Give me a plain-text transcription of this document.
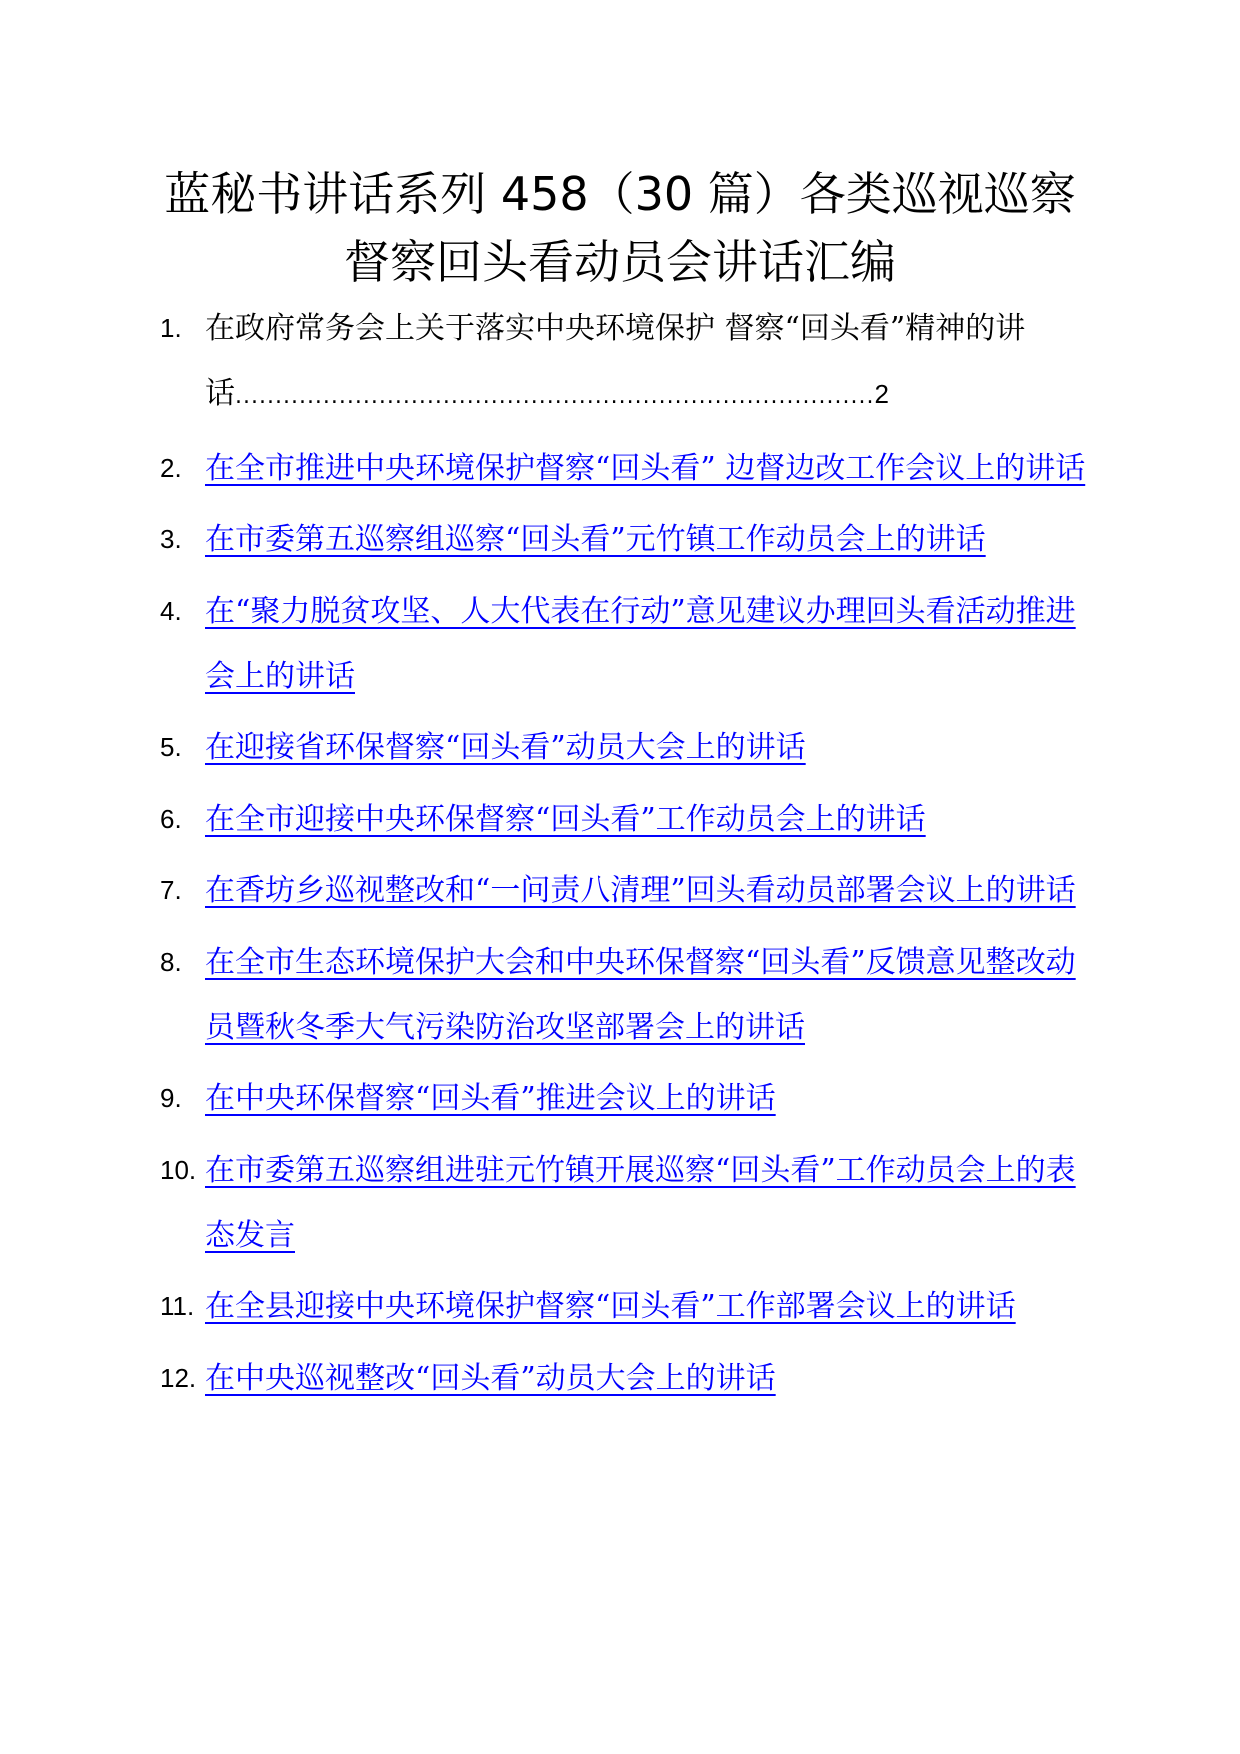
蓝秘书讲话系列 458（30 篇）各类巡视巡察
督察回头看动员会讲话汇编
1. 在政府常务会上关于落实中央环境保护 督察“回头看”精神的讲话................................................................................2
2. 在全市推进中央环境保护督察“回头看” 边督边改工作会议上的讲话
3. 在市委第五巡察组巡察“回头看”元竹镇工作动员会上的讲话
4. 在“聚力脱贫攻坚、人大代表在行动”意见建议办理回头看活动推进会上的讲话
5. 在迎接省环保督察“回头看”动员大会上的讲话
6. 在全市迎接中央环保督察“回头看”工作动员会上的讲话
7. 在香坊乡巡视整改和“一问责八清理”回头看动员部署会议上的讲话
8. 在全市生态环境保护大会和中央环保督察“回头看”反馈意见整改动员暨秋冬季大气污染防治攻坚部署会上的讲话
9. 在中央环保督察“回头看”推进会议上的讲话
10. 在市委第五巡察组进驻元竹镇开展巡察“回头看”工作动员会上的表态发言
11. 在全县迎接中央环境保护督察“回头看”工作部署会议上的讲话
12. 在中央巡视整改“回头看”动员大会上的讲话
